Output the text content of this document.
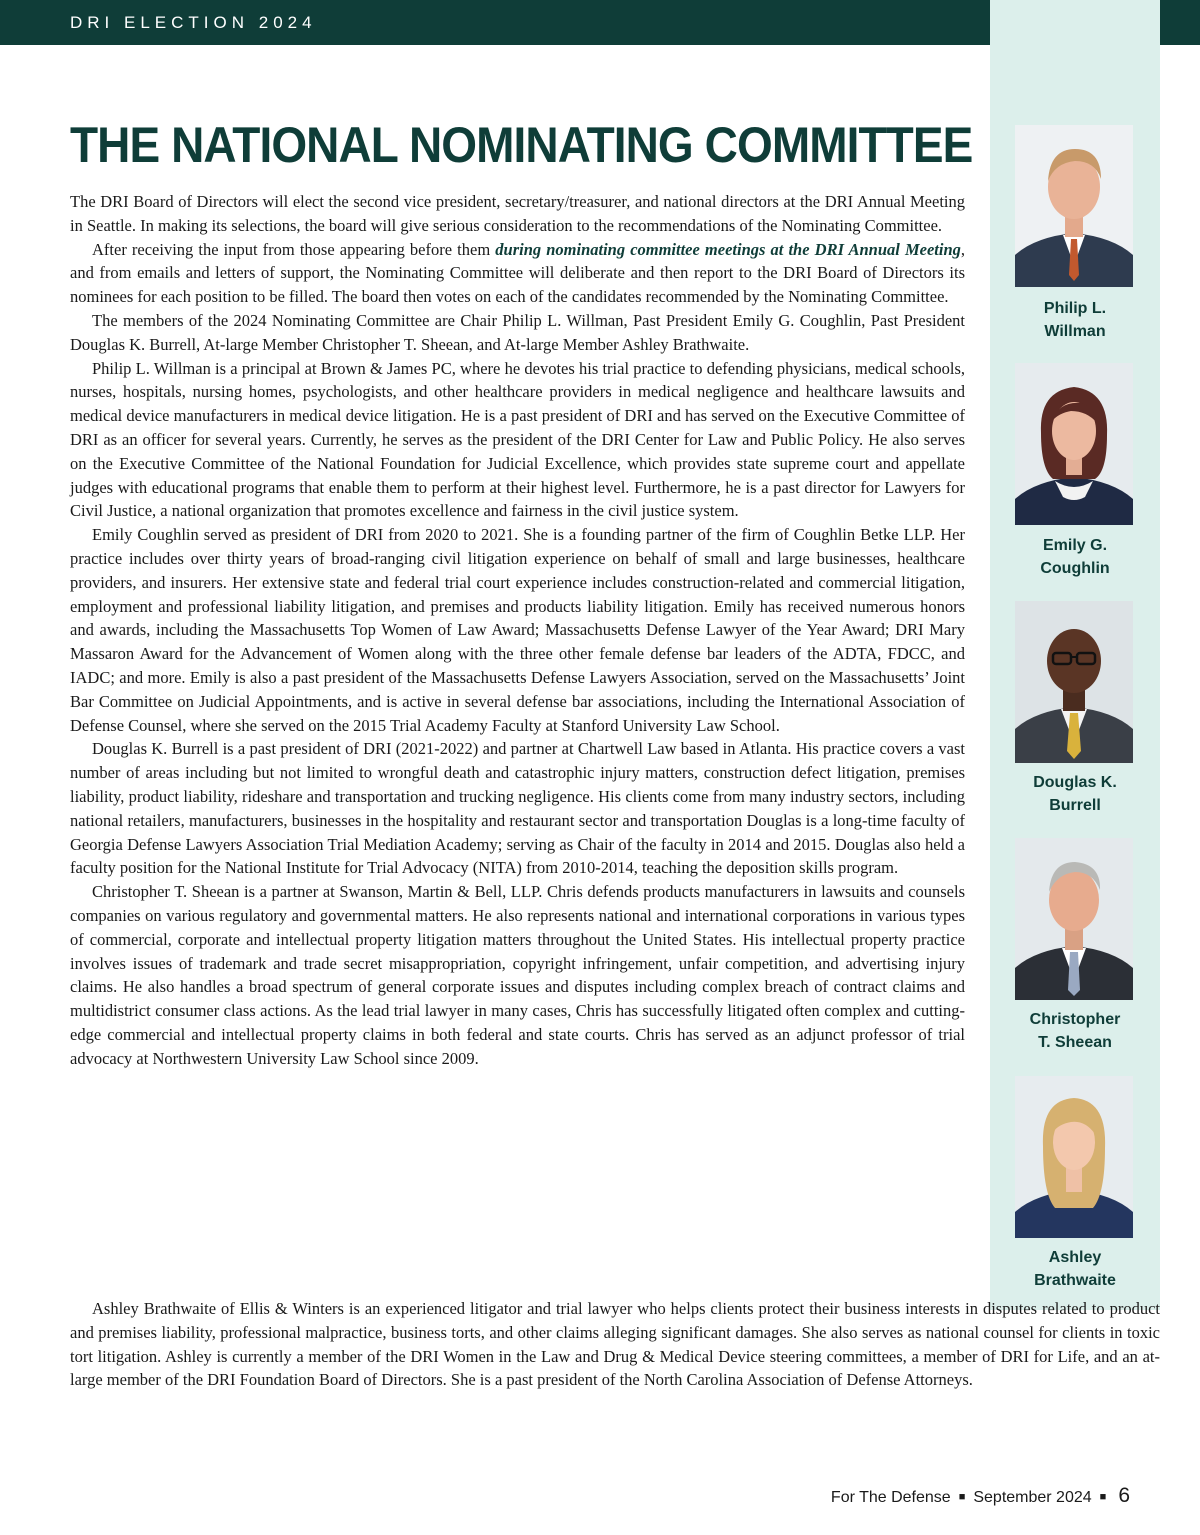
DRI ELECTION 2024
THE NATIONAL NOMINATING COMMITTEE

The DRI Board of Directors will elect the second vice president, secretary/treasurer, and national directors at the DRI Annual Meeting in Seattle. In making its selections, the board will give serious consideration to the recommendations of the Nominating Committee.

After receiving the input from those appearing before them during nominating committee meetings at the DRI Annual Meeting, and from emails and letters of support, the Nominating Committee will deliberate and then report to the DRI Board of Directors its nominees for each position to be filled. The board then votes on each of the candidates recommended by the Nominating Committee.

The members of the 2024 Nominating Committee are Chair Philip L. Willman, Past President Emily G. Coughlin, Past President Douglas K. Burrell, At-large Member Christopher T. Sheean, and At-large Member Ashley Brathwaite.

Philip L. Willman is a principal at Brown & James PC, where he devotes his trial practice to defending physicians, medical schools, nurses, hospitals, nursing homes, psychologists, and other healthcare providers in medical negligence and healthcare lawsuits and medical device manufacturers in medical device litigation. He is a past president of DRI and has served on the Executive Committee of DRI as an officer for several years. Currently, he serves as the president of the DRI Center for Law and Public Policy. He also serves on the Executive Committee of the National Foundation for Judicial Excellence, which provides state supreme court and appellate judges with educational programs that enable them to perform at their highest level. Furthermore, he is a past director for Lawyers for Civil Justice, a national organization that promotes excellence and fairness in the civil justice system.

Emily Coughlin served as president of DRI from 2020 to 2021. She is a founding partner of the firm of Coughlin Betke LLP. Her practice includes over thirty years of broad-ranging civil litigation experience on behalf of small and large businesses, healthcare providers, and insurers. Her extensive state and federal trial court experience includes construction-related and commercial litigation, employment and professional liability litigation, and premises and products liability litigation. Emily has received numerous honors and awards, including the Massachusetts Top Women of Law Award; Massachusetts Defense Lawyer of the Year Award; DRI Mary Massaron Award for the Advancement of Women along with the three other female defense bar leaders of the ADTA, FDCC, and IADC; and more. Emily is also a past president of the Massachusetts Defense Lawyers Association, served on the Massachusetts’ Joint Bar Committee on Judicial Appointments, and is active in several defense bar associations, including the International Association of Defense Counsel, where she served on the 2015 Trial Academy Faculty at Stanford University Law School.

Douglas K. Burrell is a past president of DRI (2021-2022) and partner at Chartwell Law based in Atlanta. His practice covers a vast number of areas including but not limited to wrongful death and catastrophic injury matters, construction defect litigation, premises liability, product liability, rideshare and transportation and trucking negligence. His clients come from many industry sectors, including national retailers, manufacturers, businesses in the hospitality and restaurant sector and transportation Douglas is a long-time faculty of Georgia Defense Lawyers Association Trial Mediation Academy; serving as Chair of the faculty in 2014 and 2015. Douglas also held a faculty position for the National Institute for Trial Advocacy (NITA) from 2010-2014, teaching the deposition skills program.

Christopher T. Sheean is a partner at Swanson, Martin & Bell, LLP. Chris defends products manufacturers in lawsuits and counsels companies on various regulatory and governmental matters. He also represents national and international corporations in various types of commercial, corporate and intellectual property litigation matters throughout the United States. His intellectual property practice involves issues of trademark and trade secret misappropriation, copyright infringement, unfair competition, and advertising injury claims. He also handles a broad spectrum of general corporate issues and disputes including complex breach of contract claims and multidistrict consumer class actions. As the lead trial lawyer in many cases, Chris has successfully litigated often complex and cutting-edge commercial and intellectual property claims in both federal and state courts. Chris has served as an adjunct professor of trial advocacy at Northwestern University Law School since 2009.

Ashley Brathwaite of Ellis & Winters is an experienced litigator and trial lawyer who helps clients protect their business interests in disputes related to product and premises liability, professional malpractice, business torts, and other claims alleging significant damages. She also serves as national counsel for clients in toxic tort litigation. Ashley is currently a member of the DRI Women in the Law and Drug & Medical Device steering committees, a member of DRI for Life, and an at-large member of the DRI Foundation Board of Directors. She is a past president of the North Carolina Association of Defense Attorneys.

Philip L.
Willman
Emily G.
Coughlin
Douglas K.
Burrell
Christopher
T. Sheean
Ashley
Brathwaite
For The Defense ■ September 2024 ■ 6
